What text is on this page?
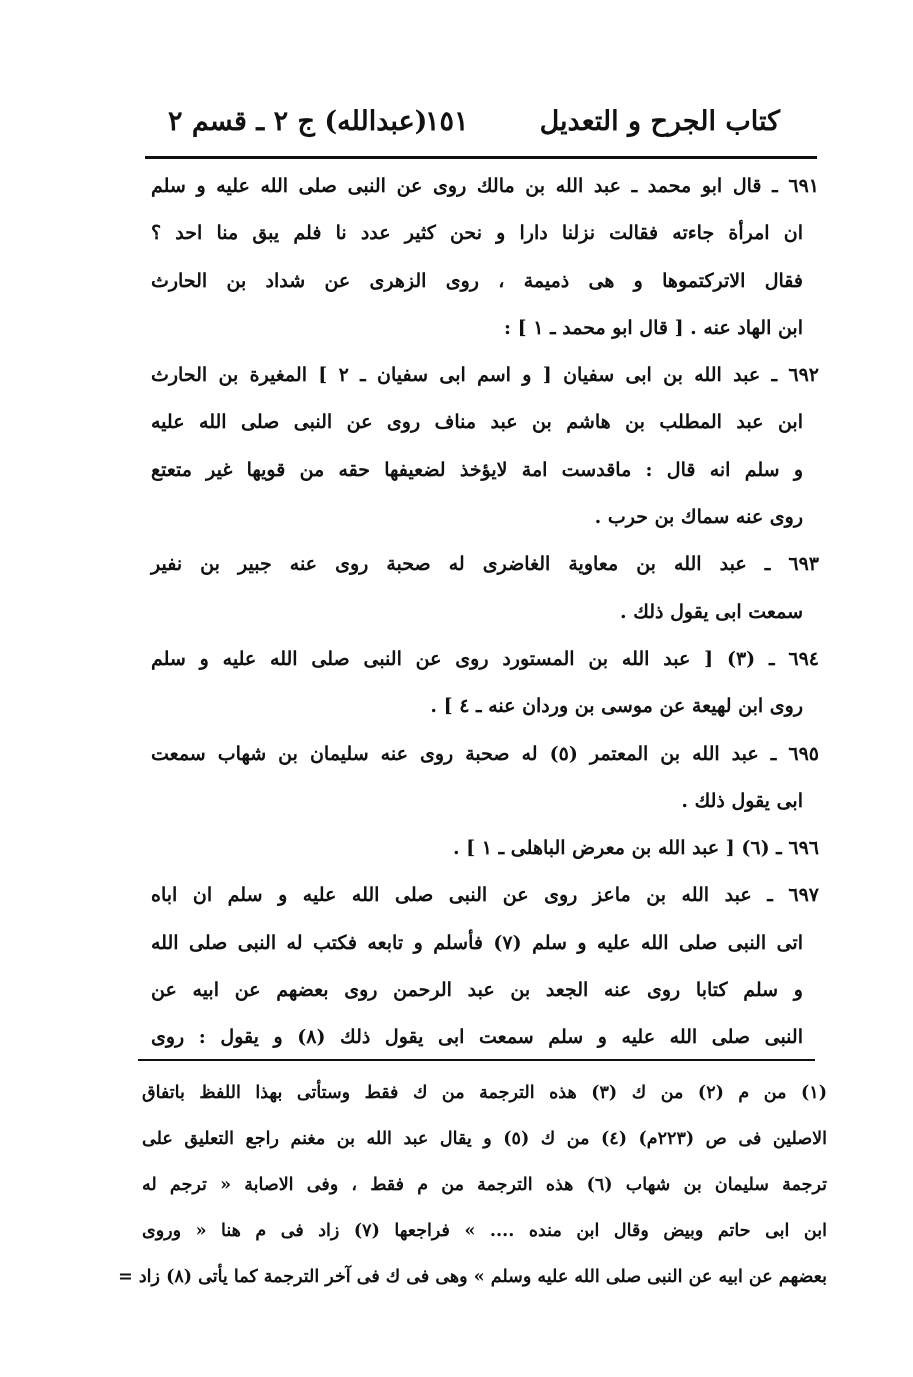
كتاب الجرح و التعديل
١٥١
(عبدالله) ج ٢ ـ قسم ٢
٦٩١ ـ قال ابو محمد ـ عبد الله بن مالك روى عن النبى صلى الله عليه و سلم
ان امرأة جاءته فقالت نزلنا دارا و نحن كثير عدد نا فلم يبق منا احد ؟
فقال الاتركتموها و هى ذميمة ، روى الزهرى عن شداد بن الحارث
ابن الهاد عنه . [ قال ابو محمد ـ ١ ] :
٦٩٢ ـ عبد الله بن ابى سفيان [ و اسم ابى سفيان ـ ٢ ] المغيرة بن الحارث
ابن عبد المطلب بن هاشم بن عبد مناف روى عن النبى صلى الله عليه
و سلم انه قال : ماقدست امة لايؤخذ لضعيفها حقه من قويها غير متعتع
روى عنه سماك بن حرب .
٦٩٣ ـ عبد الله بن معاوية الغاضرى له صحبة روى عنه جبير بن نفير
سمعت ابى يقول ذلك .
٦٩٤ ـ (٣) [ عبد الله بن المستورد روى عن النبى صلى الله عليه و سلم
روى ابن لهيعة عن موسى بن وردان عنه ـ ٤ ] .
٦٩٥ ـ عبد الله بن المعتمر (٥) له صحبة روى عنه سليمان بن شهاب سمعت
ابى يقول ذلك .
٦٩٦ ـ (٦) [ عبد الله بن معرض الباهلى ـ ١ ] .
٦٩٧ ـ عبد الله بن ماعز روى عن النبى صلى الله عليه و سلم ان اباه
اتى النبى صلى الله عليه و سلم (٧) فأسلم و تابعه فكتب له النبى صلى الله
و سلم كتابا روى عنه الجعد بن عبد الرحمن روى بعضهم عن ابيه عن
النبى صلى الله عليه و سلم سمعت ابى يقول ذلك (٨) و يقول : روى
(١) من م (٢) من ك (٣) هذه الترجمة من ك فقط وستأتى بهذا اللفظ باتفاق
الاصلين فى ص (٢٢٣م) (٤) من ك (٥) و يقال عبد الله بن مغنم راجع التعليق على
ترجمة سليمان بن شهاب (٦) هذه الترجمة من م فقط ، وفى الاصابة « ترجم له
ابن ابى حاتم وبيض وقال ابن منده .... » فراجعها (٧) زاد فى م هنا « وروى
بعضهم عن ابيه عن النبى صلى الله عليه وسلم » وهى فى ك فى آخر الترجمة كما يأتى (٨) زاد =
